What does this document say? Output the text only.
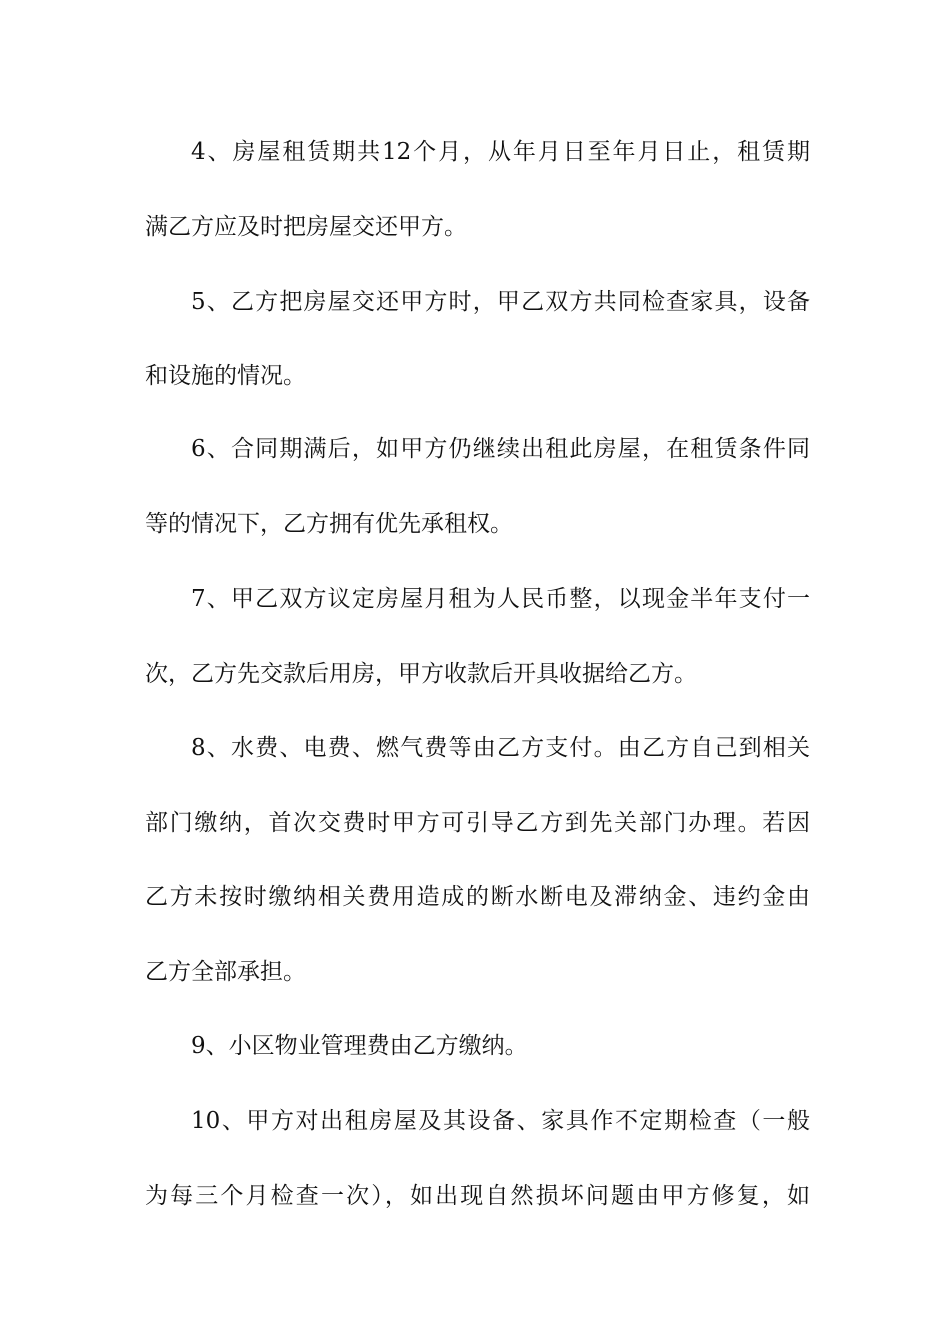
4、房屋租赁期共12个月，从年月日至年月日止，租赁期
满乙方应及时把房屋交还甲方。
5、乙方把房屋交还甲方时，甲乙双方共同检查家具，设备
和设施的情况。
6、合同期满后，如甲方仍继续出租此房屋，在租赁条件同
等的情况下，乙方拥有优先承租权。
7、甲乙双方议定房屋月租为人民币整，以现金半年支付一
次，乙方先交款后用房，甲方收款后开具收据给乙方。
8、水费、电费、燃气费等由乙方支付。由乙方自己到相关
部门缴纳，首次交费时甲方可引导乙方到先关部门办理。若因
乙方未按时缴纳相关费用造成的断水断电及滞纳金、违约金由
乙方全部承担。
9、小区物业管理费由乙方缴纳。
10、甲方对出租房屋及其设备、家具作不定期检查（一般
为每三个月检查一次），如出现自然损坏问题由甲方修复，如
